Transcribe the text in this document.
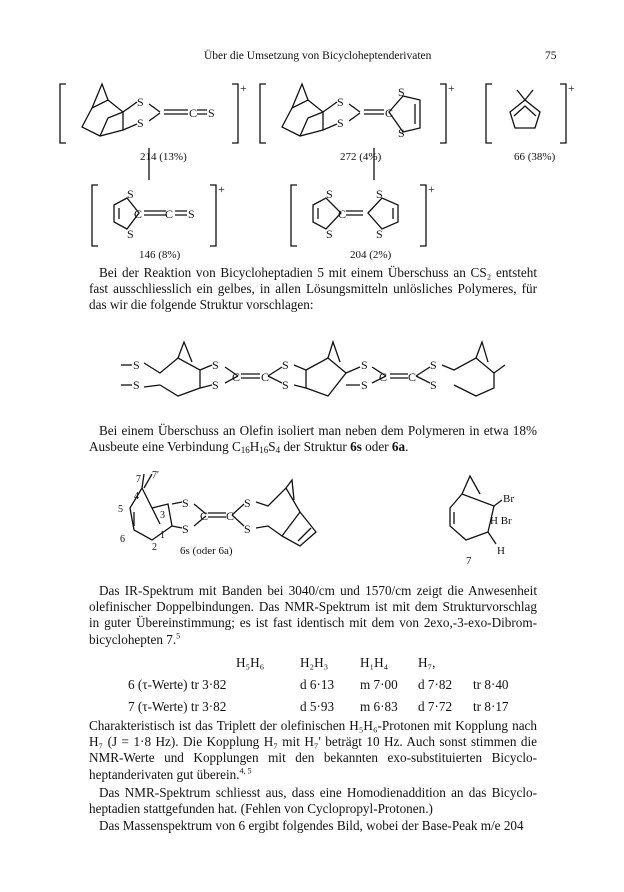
Über die Umsetzung von Bicycloheptenderivaten	75
S
S
C S
+
S
S
S
S
C
+	+
S
S
C C S
+	S
S
S
S
C
+
214 (13%)	272 (4%)	66 (38%)
146 (8%)	204 (2%)

Bei der Reaktion von Bicycloheptadien 5 mit einem Überschuss an CS₂ entsteht fast ausschliesslich ein gelbes, in allen Lösungsmitteln unlösliches Polymeres, für das wir die folgende Struktur vorschlagen:

S
S
S
S
C C
S
S
S
S
C C
S
S

Bei einem Überschuss an Olefin isoliert man neben dem Polymeren in etwa 18% Ausbeute eine Verbindung $C_{16}H_{16}S_4$ der Struktur 6s oder 6a.

7 7'
4
5
3
6	1
2
S
S
C C
S
S
6s (oder 6a)
Br
H Br
H
7

Das IR-Spektrum mit Banden bei 3040/cm und 1570/cm zeigt die Anwesenheit olefinischer Doppelbindungen. Das NMR-Spektrum ist mit dem Strukturvorschlag in guter Übereinstimmung; es ist fast identisch mit dem von 2exo,-3-exo-Dibrom-bicyclohepten 7.$^5$

H₅H₆	H₂H₃ H₁H₄ H₇,
6 (τ-Werte) tr 3·82	d 6·13 m 7·00 d 7·82 tr 8·40
7 (τ-Werte) tr 3·82	d 5·93 m 6·83 d 7·72 tr 8·17

Charakteristisch ist das Triplett der olefinischen H₅H₆-Protonen mit Kopplung nach H₇ (J = 1·8 Hz). Die Kopplung H₇ mit H₇' beträgt 10 Hz. Auch sonst stimmen die NMR-Werte und Kopplungen mit den bekannten exo-substituierten Bicyclo-heptanderivaten gut überein.$^{4, 5}$

Das NMR-Spektrum schliesst aus, dass eine Homodienaddition an das Bicyclo-heptadien stattgefunden hat. (Fehlen von Cyclopropyl-Protonen.)

Das Massenspektrum von 6 ergibt folgendes Bild, wobei der Base-Peak m/e 204
